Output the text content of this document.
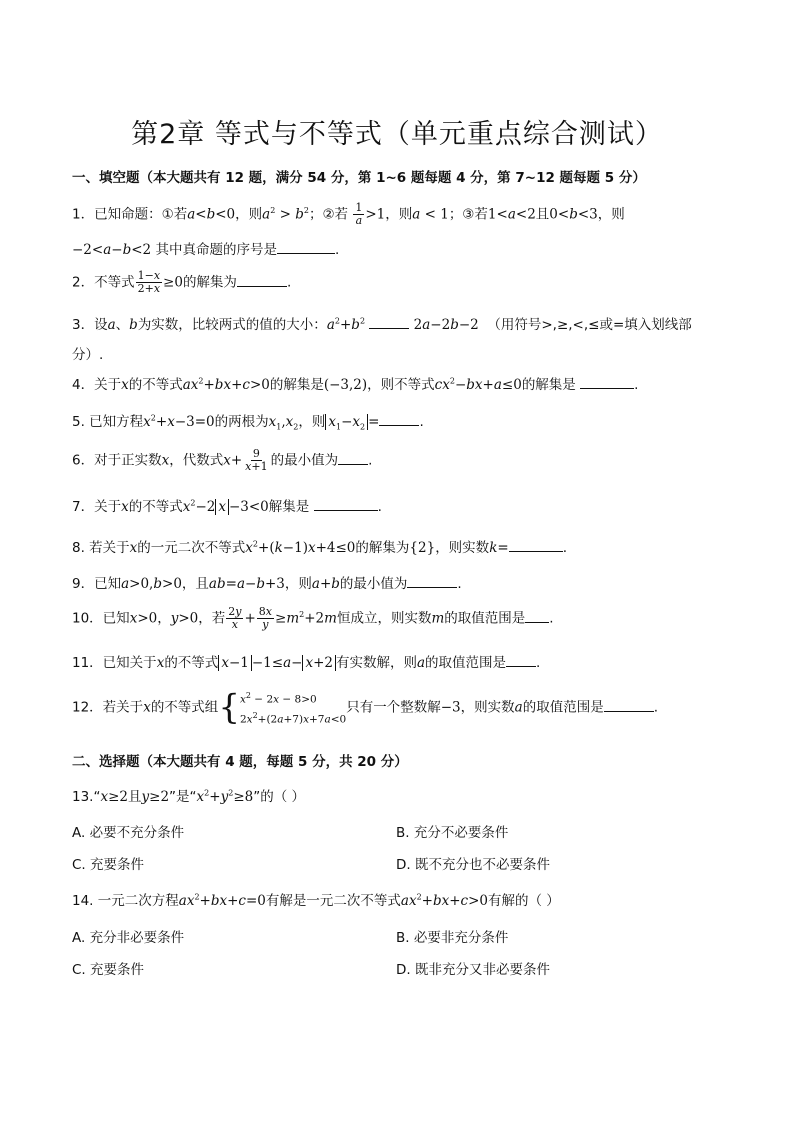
第2章 等式与不等式（单元重点综合测试）
一、填空题（本大题共有 12 题，满分 54 分，第 1~6 题每题 4 分，第 7~12 题每题 5 分）
1．已知命题：①若a<b<0，则$a^2 > b^2$；②若 $\frac{1}{a} >1$，则a < 1；③若1<a<2且0<b<3，则
−2<a−b<2 其中真命题的序号是	.
2．不等式 $\frac{1-x}{2+x} \ge 0$的解集为	.
3．设a、b为实数，比较两式的值的大小：$a^2+b^2$	2a−2b−2 （用符号>,≥,<,≤或=填入划线部
分）.
4．关于x的不等式$ax^2+bx+c>0$的解集是(−3,2)，则不等式$cx^2-bx+a\le 0$的解集是	.
5. 已知方程$x^2+x-3=0$的两根为$x_1,x_2$，则 $x_1-x_2$ =	.
6．对于正实数x，代数式$x+ \frac{9}{x+1}$ 的最小值为 .
7．关于x的不等式$x^2-2$ x −3<0解集是	.
8. 若关于x的一元二次不等式$x^2+(k-1)x+4\le 0$的解集为{2}，则实数k=	.
9．已知a>0,b>0，且ab=a−b+3，则a+b的最小值为	.
10．已知x>0，y>0，若 $\frac{2y}{x} + \frac{8x}{y} \ge m^2+2m$恒成立，则实数m的取值范围是 .
11．已知关于x的不等式 x−1 −1≤a− x+2 有实数解，则a的取值范围是 .
12．若关于x的不等式组{ $x^2 - 2x - 8>0$
$2x^2+(2a+7)x+7a<0$
只有一个整数解−3，则实数a的取值范围是	.
二、选择题（本大题共有 4 题，每题 5 分，共 20 分）
13.“x≥2且y≥2”是“$x^2+y^2\ge 8$”的（ ）
A. 必要不充分条件	B. 充分不必要条件
C. 充要条件	D. 既不充分也不必要条件
14. 一元二次方程$ax^2+bx+c=0$有解是一元二次不等式$ax^2+bx+c>0$有解的（ ）
A. 充分非必要条件	B. 必要非充分条件
C. 充要条件	D. 既非充分又非必要条件
